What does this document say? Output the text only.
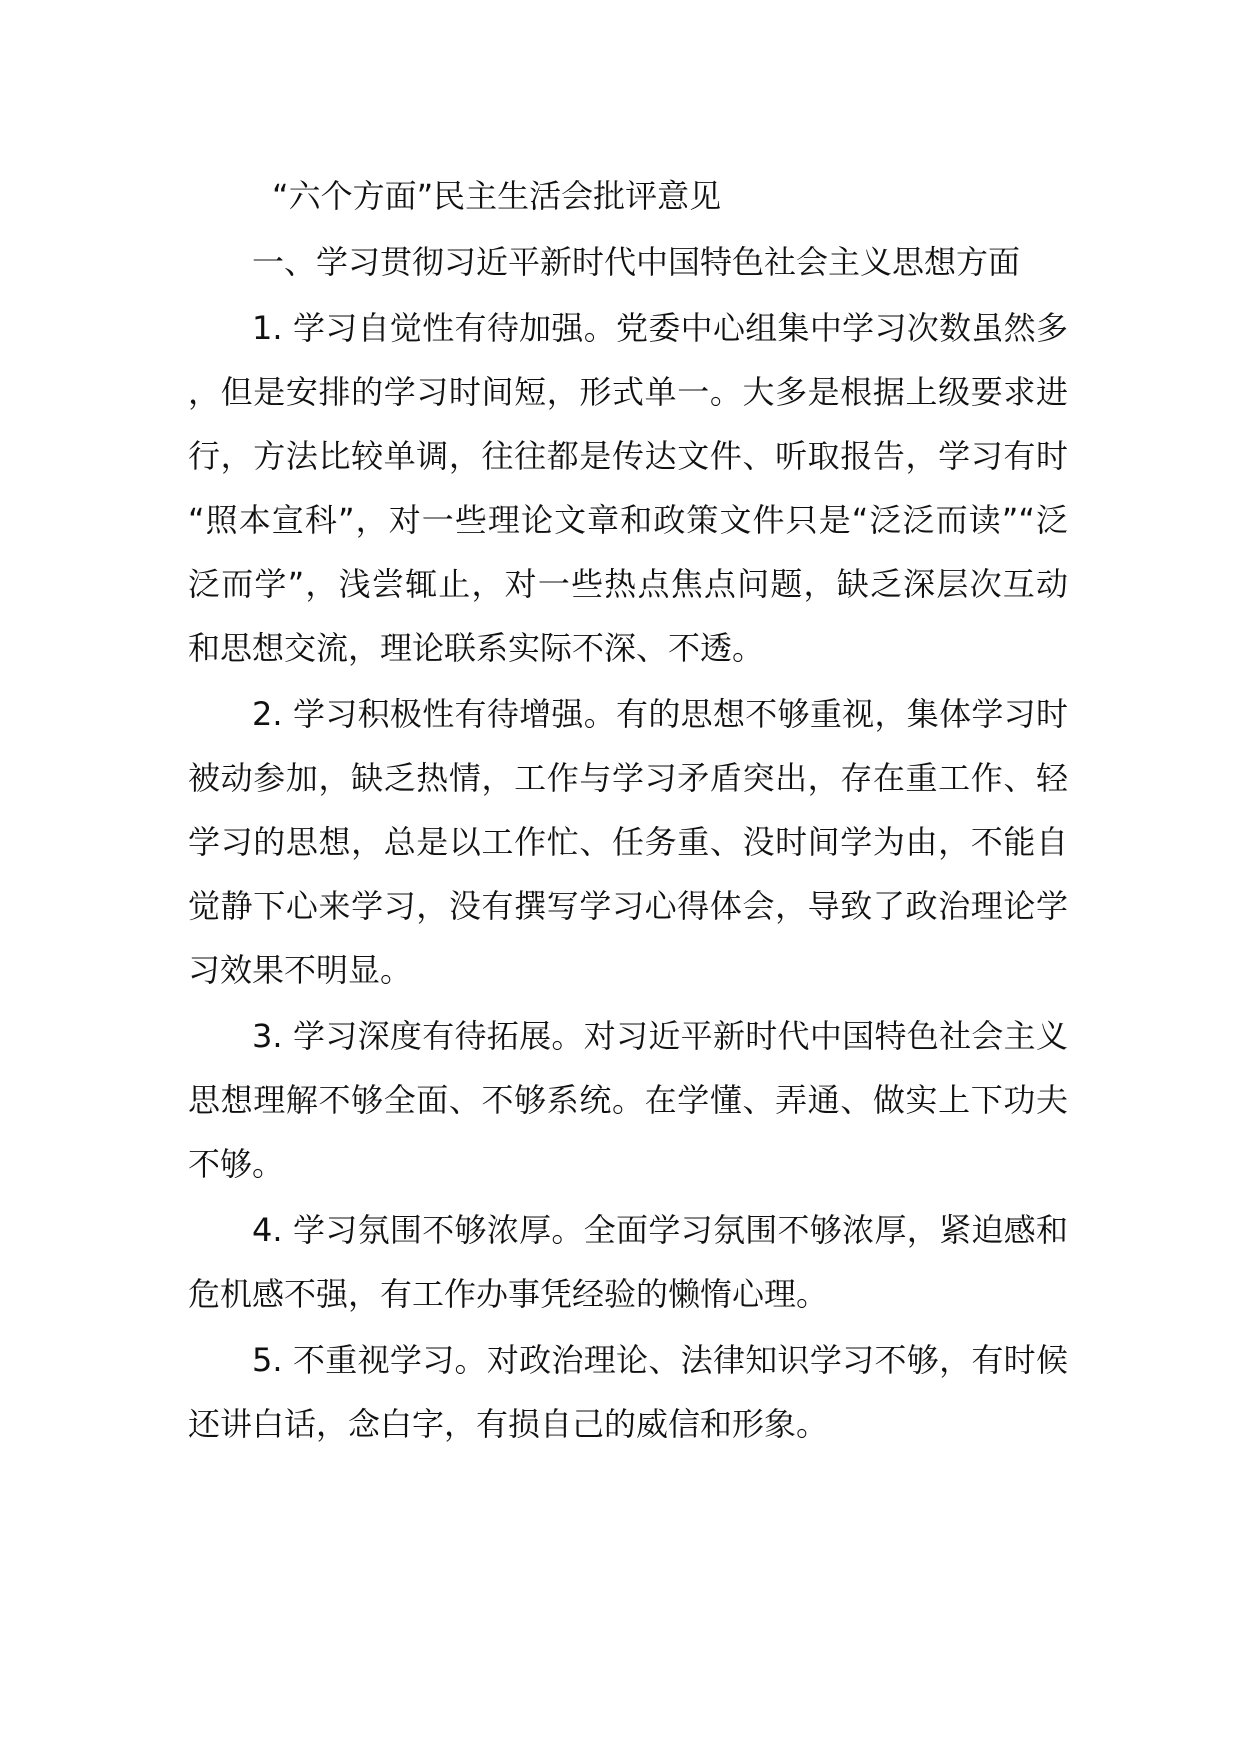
“六个方面”民主生活会批评意见

一、学习贯彻习近平新时代中国特色社会主义思想方面

1. 学习自觉性有待加强。党委中心组集中学习次数虽然多，但是安排的学习时间短，形式单一。大多是根据上级要求进行，方法比较单调，往往都是传达文件、听取报告，学习有时“照本宣科”，对一些理论文章和政策文件只是“泛泛而读”“泛泛而学”，浅尝辄止，对一些热点焦点问题，缺乏深层次互动和思想交流，理论联系实际不深、不透。

2. 学习积极性有待增强。有的思想不够重视，集体学习时被动参加，缺乏热情，工作与学习矛盾突出，存在重工作、轻学习的思想，总是以工作忙、任务重、没时间学为由，不能自觉静下心来学习，没有撰写学习心得体会，导致了政治理论学习效果不明显。

3. 学习深度有待拓展。对习近平新时代中国特色社会主义思想理解不够全面、不够系统。在学懂、弄通、做实上下功夫不够。

4. 学习氛围不够浓厚。全面学习氛围不够浓厚，紧迫感和危机感不强，有工作办事凭经验的懒惰心理。

5. 不重视学习。对政治理论、法律知识学习不够，有时候还讲白话，念白字，有损自己的威信和形象。
